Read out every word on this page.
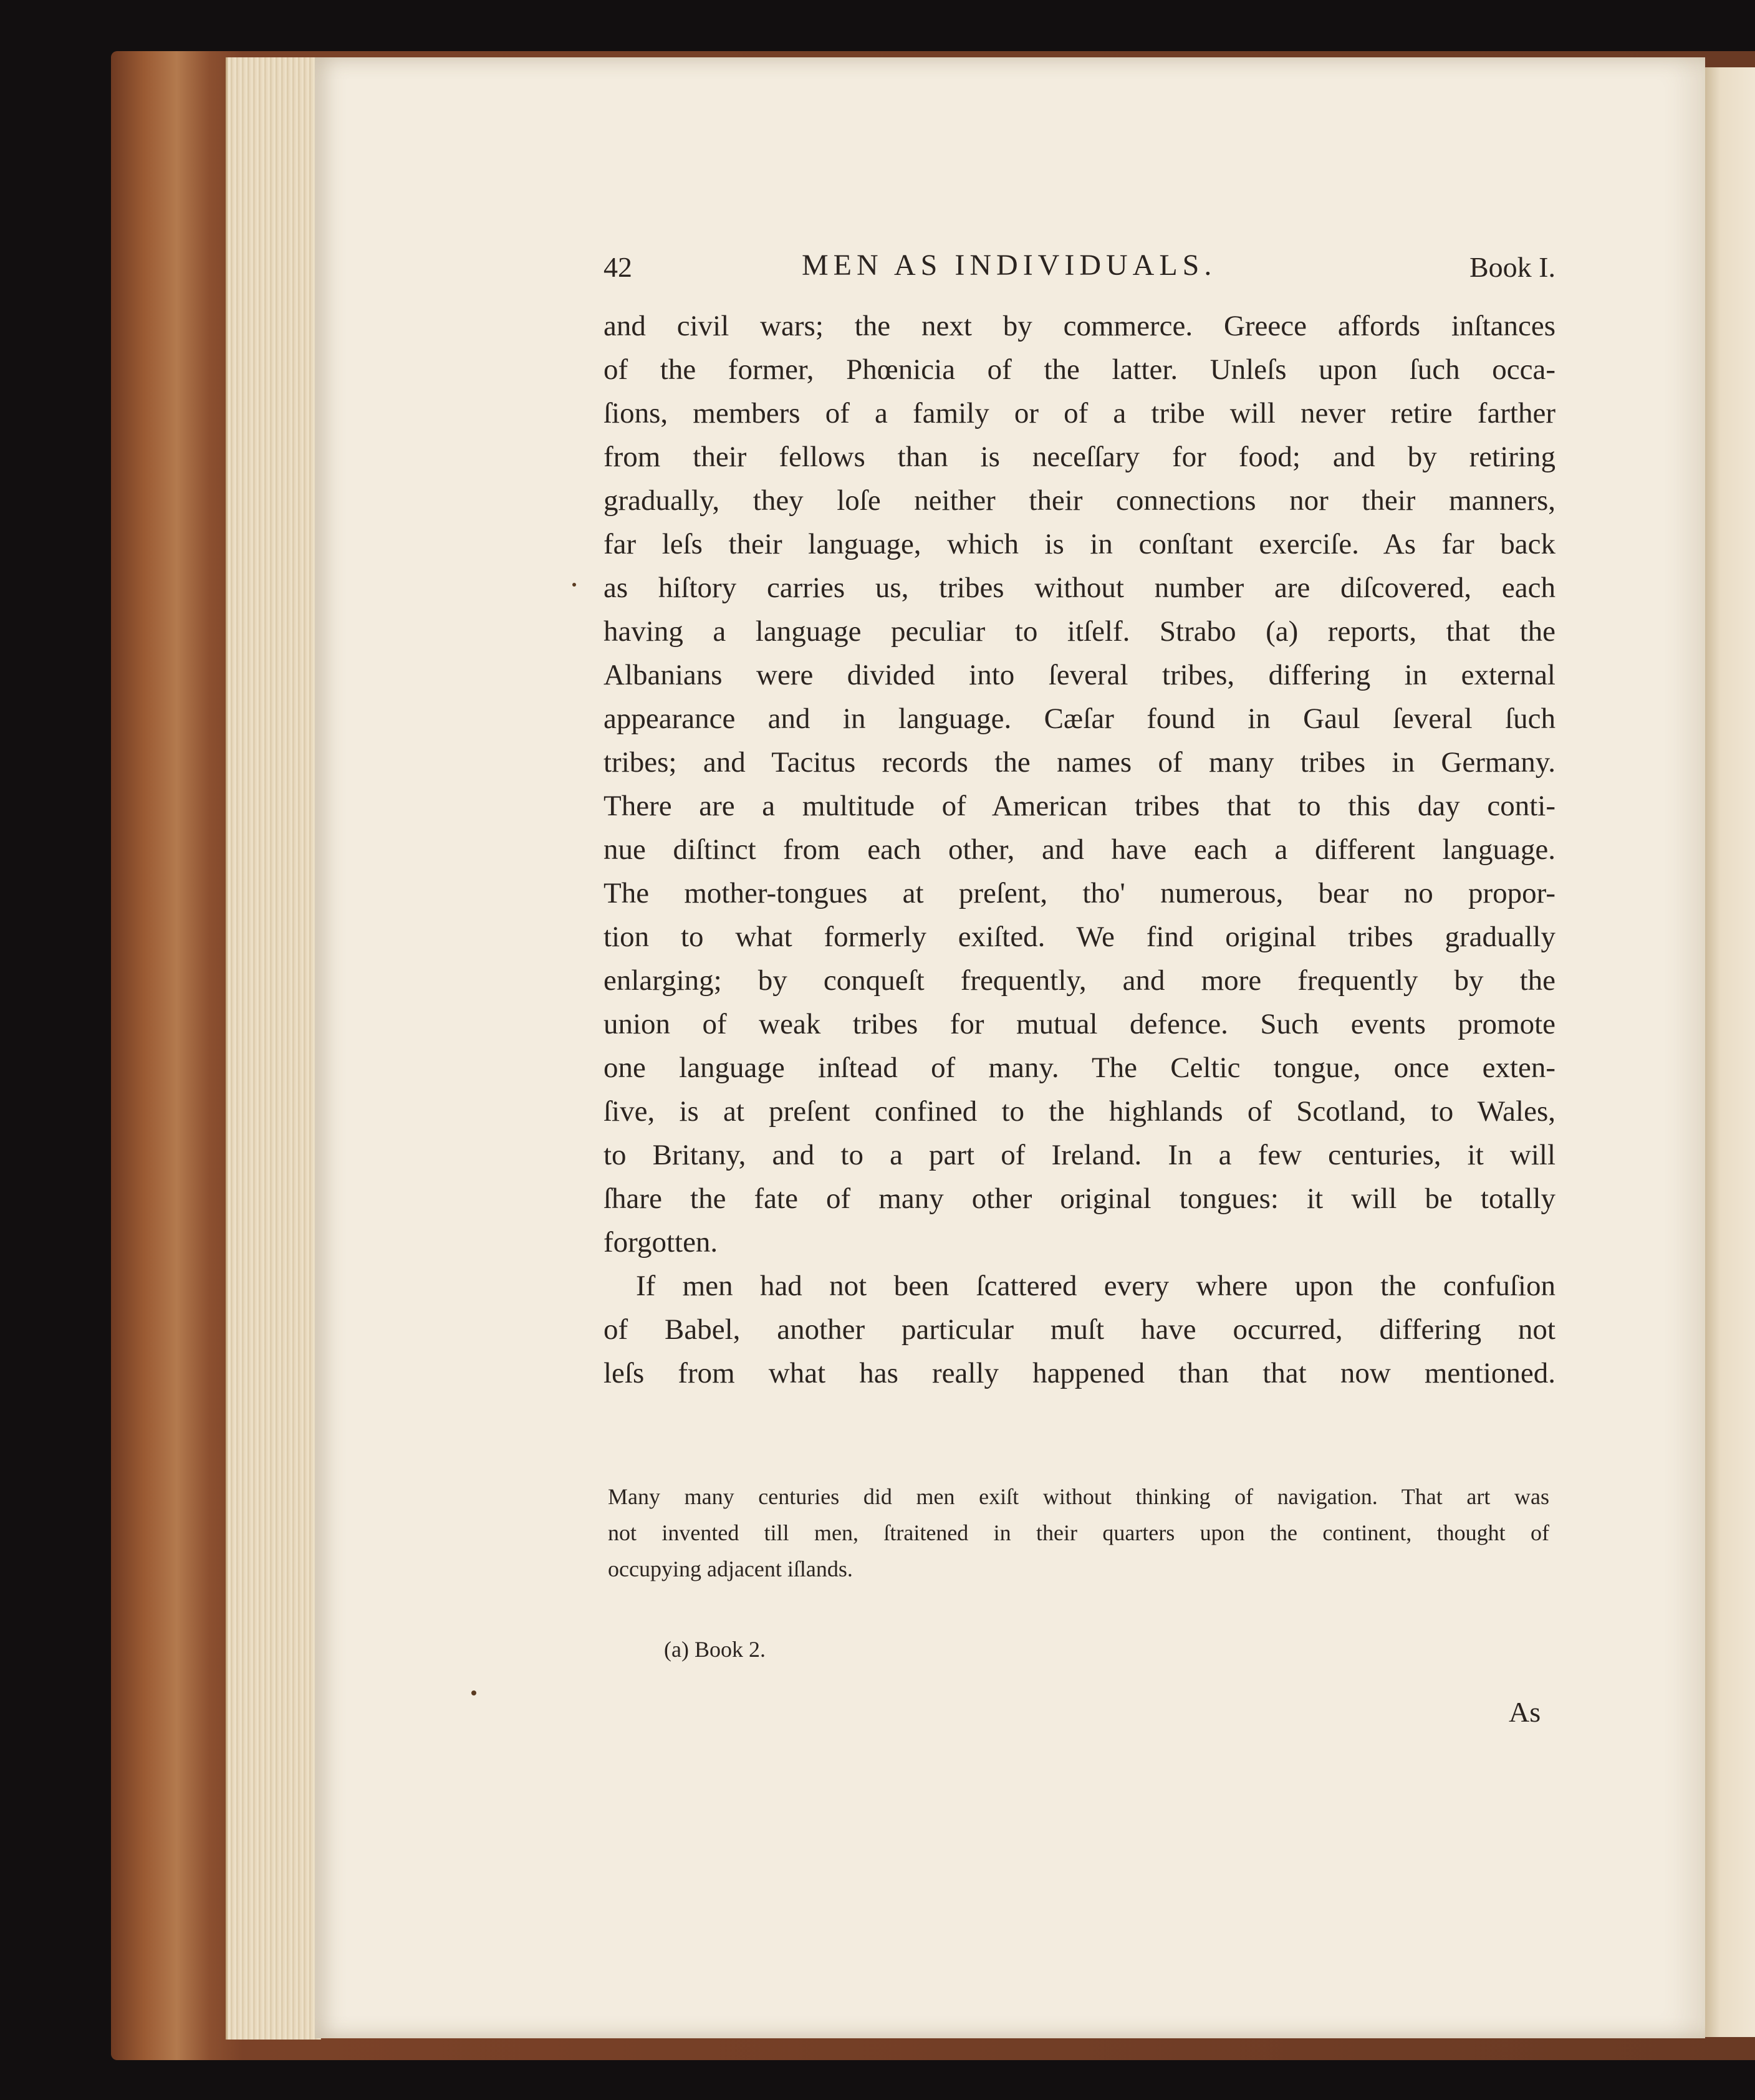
42	MEN AS INDIVIDUALS.	Book I.
and civil wars; the next by commerce. Greece affords inſtances
of the former, Phœnicia of the latter. Unleſs upon ſuch occa-
ſions, members of a family or of a tribe will never retire farther
from their fellows than is neceſſary for food; and by retiring
gradually, they loſe neither their connections nor their manners,
far leſs their language, which is in conſtant exerciſe. As far back
as hiſtory carries us, tribes without number are diſcovered, each
having a language peculiar to itſelf. Strabo (a) reports, that the
Albanians were divided into ſeveral tribes, differing in external
appearance and in language. Cæſar found in Gaul ſeveral ſuch
tribes; and Tacitus records the names of many tribes in Germany.
There are a multitude of American tribes that to this day conti-
nue diſtinct from each other, and have each a different language.
The mother-tongues at preſent, tho' numerous, bear no propor-
tion to what formerly exiſted. We find original tribes gradually
enlarging; by conqueſt frequently, and more frequently by the
union of weak tribes for mutual defence. Such events promote
one language inſtead of many. The Celtic tongue, once exten-
ſive, is at preſent confined to the highlands of Scotland, to Wales,
to Britany, and to a part of Ireland. In a few centuries, it will
ſhare the fate of many other original tongues: it will be totally
forgotten.
If men had not been ſcattered every where upon the confuſion
of Babel, another particular muſt have occurred, differing not
leſs from what has really happened than that now mentioned.
Many many centuries did men exiſt without thinking of navigation. That art was
not invented till men, ſtraitened in their quarters upon the continent, thought of
occupying adjacent iſlands.
(a) Book 2.
As
